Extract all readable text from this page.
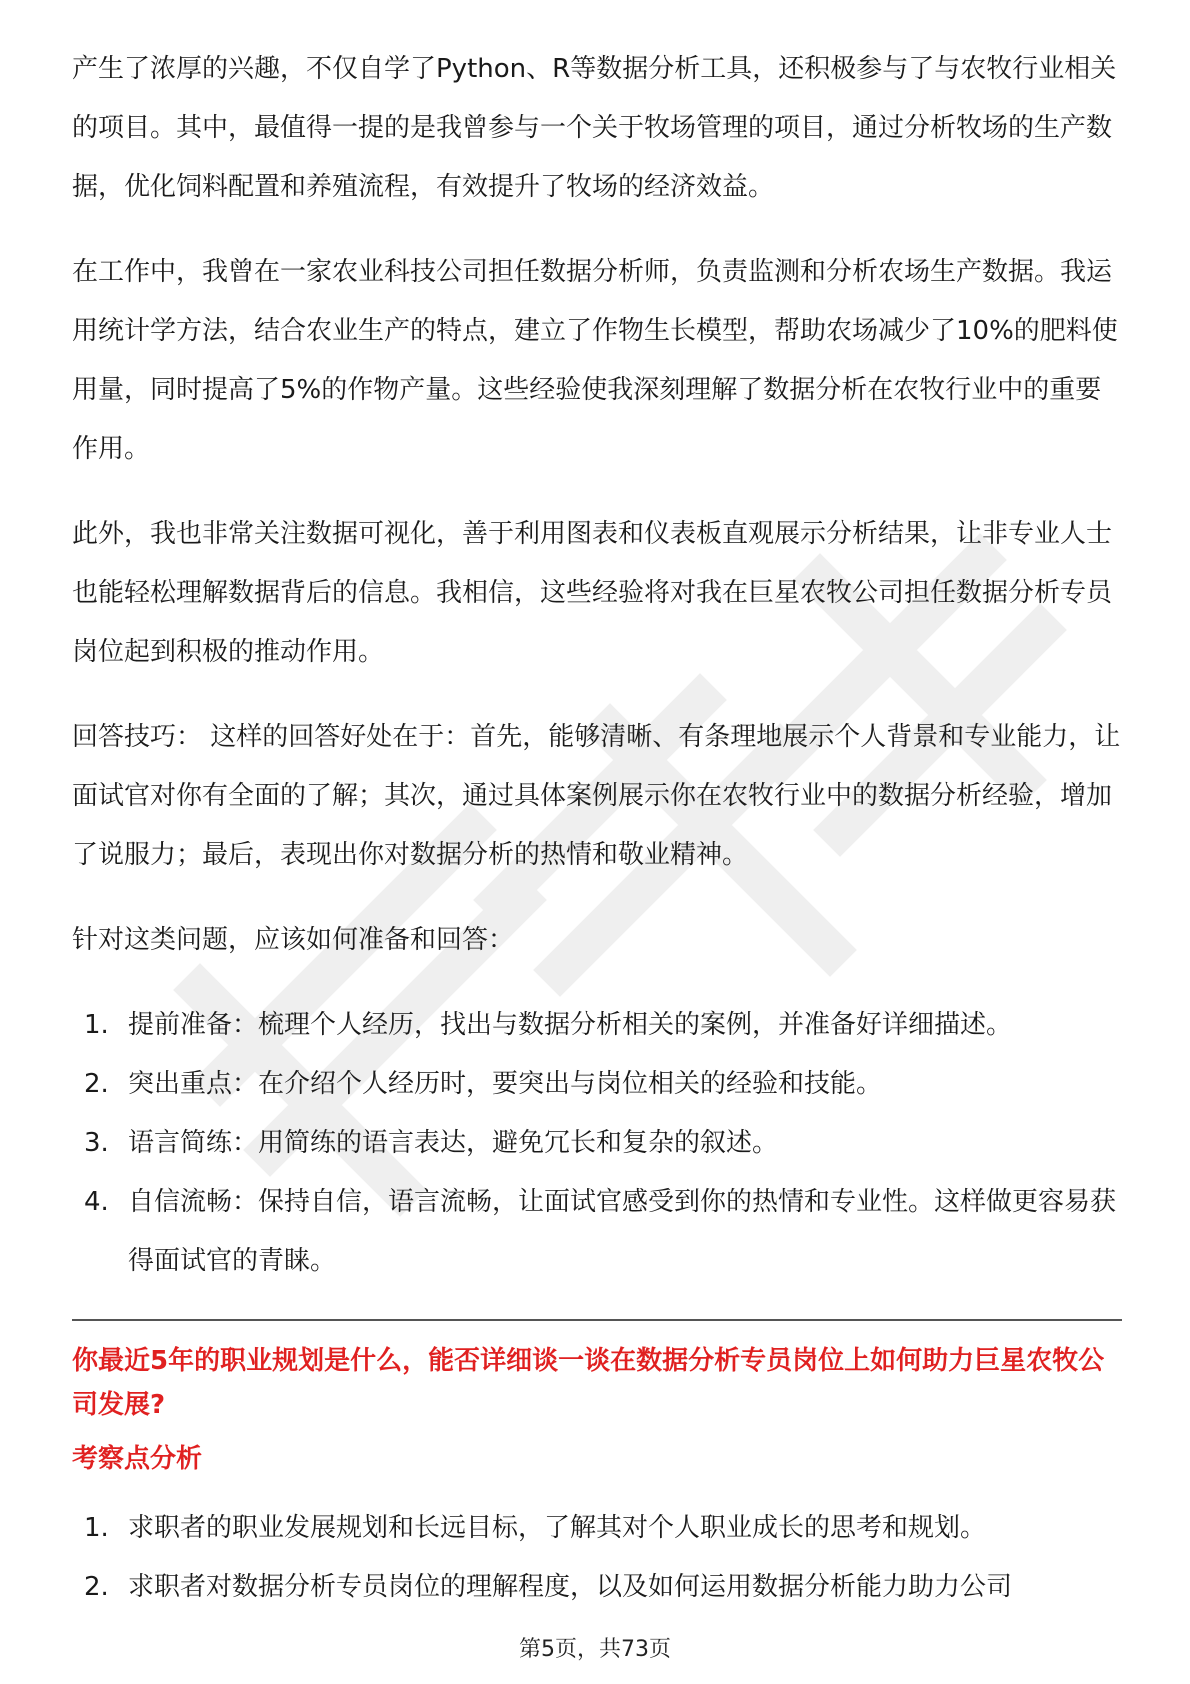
产生了浓厚的兴趣，不仅自学了Python、R等数据分析工具，还积极参与了与农牧行业相关的项目。其中，最值得一提的是我曾参与一个关于牧场管理的项目，通过分析牧场的生产数据，优化饲料配置和养殖流程，有效提升了牧场的经济效益。

在工作中，我曾在一家农业科技公司担任数据分析师，负责监测和分析农场生产数据。我运用统计学方法，结合农业生产的特点，建立了作物生长模型，帮助农场减少了10%的肥料使用量，同时提高了5%的作物产量。这些经验使我深刻理解了数据分析在农牧行业中的重要作用。

此外，我也非常关注数据可视化，善于利用图表和仪表板直观展示分析结果，让非专业人士也能轻松理解数据背后的信息。我相信，这些经验将对我在巨星农牧公司担任数据分析专员岗位起到积极的推动作用。

回答技巧： 这样的回答好处在于：首先，能够清晰、有条理地展示个人背景和专业能力，让面试官对你有全面的了解；其次，通过具体案例展示你在农牧行业中的数据分析经验，增加了说服力；最后，表现出你对数据分析的热情和敬业精神。

针对这类问题，应该如何准备和回答：

1. 提前准备：梳理个人经历，找出与数据分析相关的案例，并准备好详细描述。
2. 突出重点：在介绍个人经历时，要突出与岗位相关的经验和技能。
3. 语言简练：用简练的语言表达，避免冗长和复杂的叙述。
4. 自信流畅：保持自信，语言流畅，让面试官感受到你的热情和专业性。这样做更容易获得面试官的青睐。
你最近5年的职业规划是什么，能否详细谈一谈在数据分析专员岗位上如何助力巨星农牧公司发展?
考察点分析
1. 求职者的职业发展规划和长远目标，了解其对个人职业成长的思考和规划。
2. 求职者对数据分析专员岗位的理解程度，以及如何运用数据分析能力助力公司
第5页，共73页
